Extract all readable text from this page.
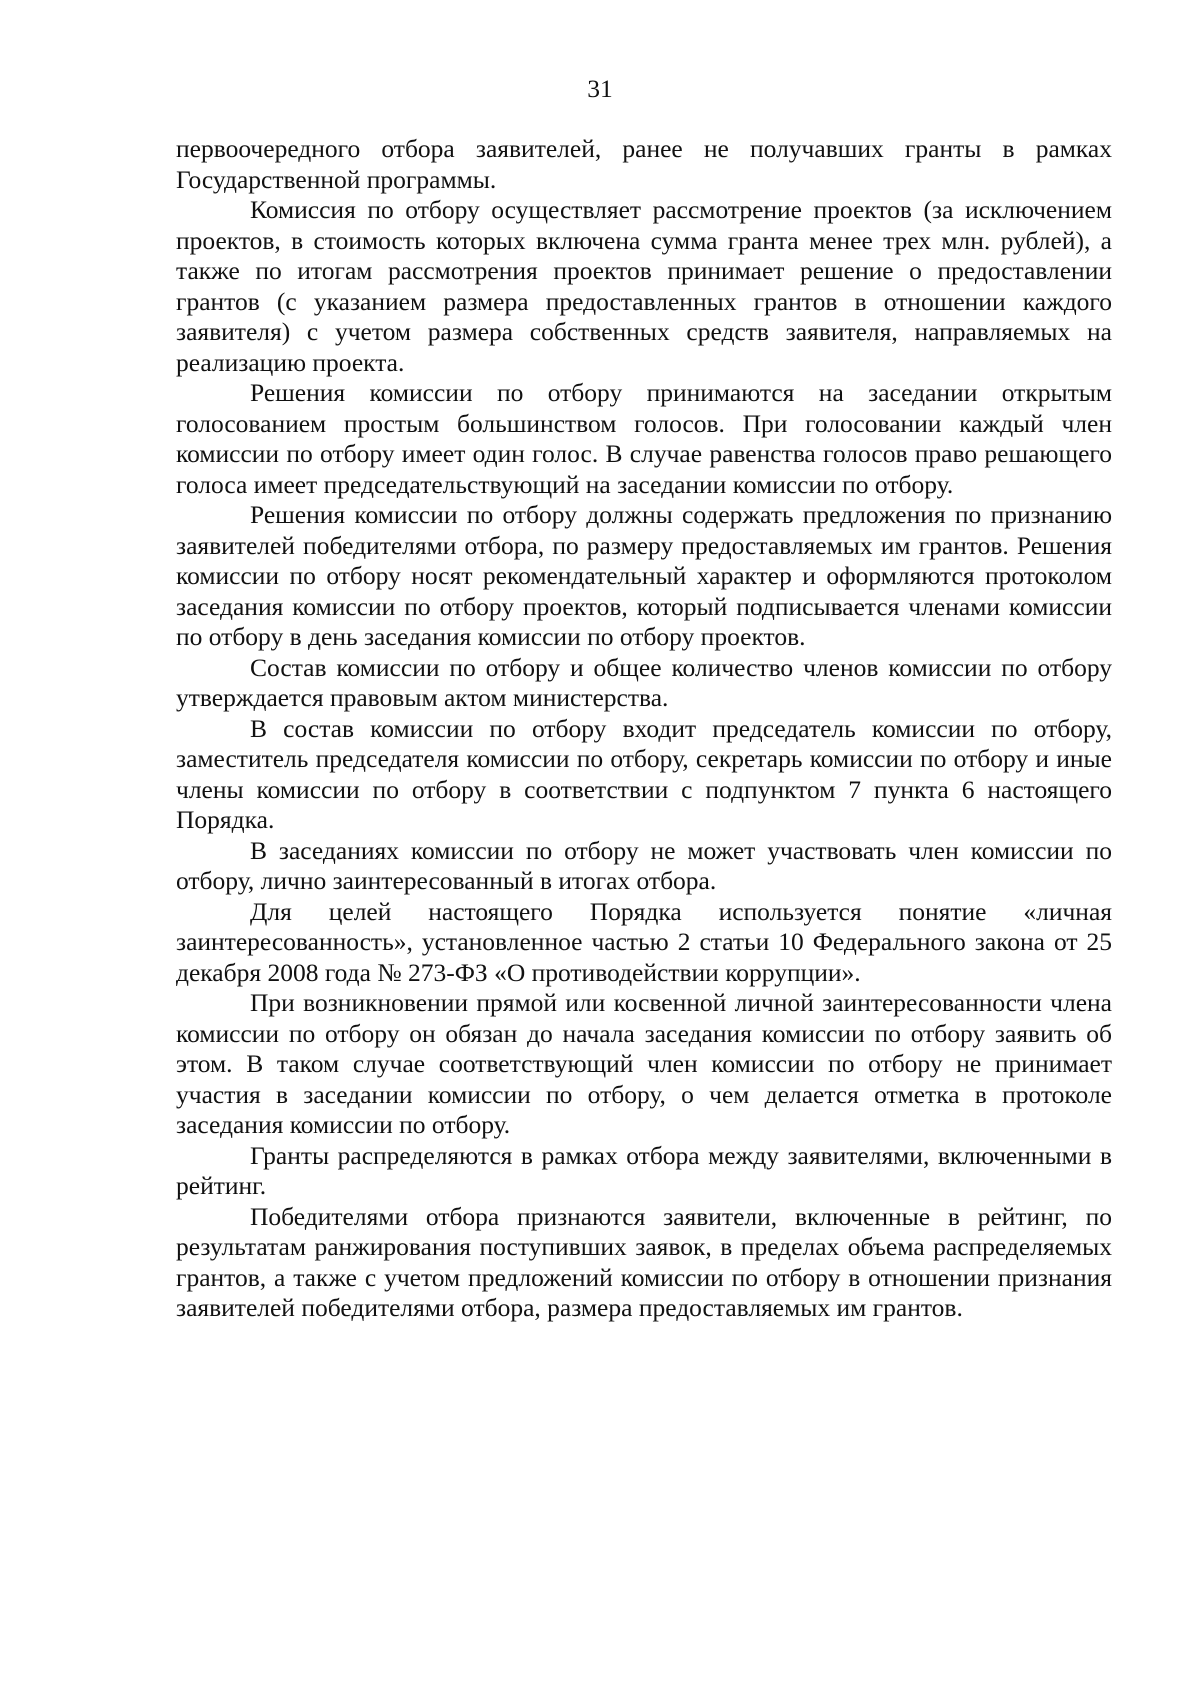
31

первоочередного отбора заявителей, ранее не получавших гранты в рамках Государственной программы.

Комиссия по отбору осуществляет рассмотрение проектов (за исключением проектов, в стоимость которых включена сумма гранта менее трех млн. рублей), а также по итогам рассмотрения проектов принимает решение о предоставлении грантов (с указанием размера предоставленных грантов в отношении каждого заявителя) с учетом размера собственных средств заявителя, направляемых на реализацию проекта.

Решения комиссии по отбору принимаются на заседании открытым голосованием простым большинством голосов. При голосовании каждый член комиссии по отбору имеет один голос. В случае равенства голосов право решающего голоса имеет председательствующий на заседании комиссии по отбору.

Решения комиссии по отбору должны содержать предложения по признанию заявителей победителями отбора, по размеру предоставляемых им грантов. Решения комиссии по отбору носят рекомендательный характер и оформляются протоколом заседания комиссии по отбору проектов, который подписывается членами комиссии по отбору в день заседания комиссии по отбору проектов.

Состав комиссии по отбору и общее количество членов комиссии по отбору утверждается правовым актом министерства.

В состав комиссии по отбору входит председатель комиссии по отбору, заместитель председателя комиссии по отбору, секретарь комиссии по отбору и иные члены комиссии по отбору в соответствии с подпунктом 7 пункта 6 настоящего Порядка.

В заседаниях комиссии по отбору не может участвовать член комиссии по отбору, лично заинтересованный в итогах отбора.

Для целей настоящего Порядка используется понятие «личная заинтересованность», установленное частью 2 статьи 10 Федерального закона от 25 декабря 2008 года № 273-ФЗ «О противодействии коррупции».

При возникновении прямой или косвенной личной заинтересованности члена комиссии по отбору он обязан до начала заседания комиссии по отбору заявить об этом. В таком случае соответствующий член комиссии по отбору не принимает участия в заседании комиссии по отбору, о чем делается отметка в протоколе заседания комиссии по отбору.

Гранты распределяются в рамках отбора между заявителями, включенными в рейтинг.

Победителями отбора признаются заявители, включенные в рейтинг, по результатам ранжирования поступивших заявок, в пределах объема распределяемых грантов, а также с учетом предложений комиссии по отбору в отношении признания заявителей победителями отбора, размера предоставляемых им грантов.
